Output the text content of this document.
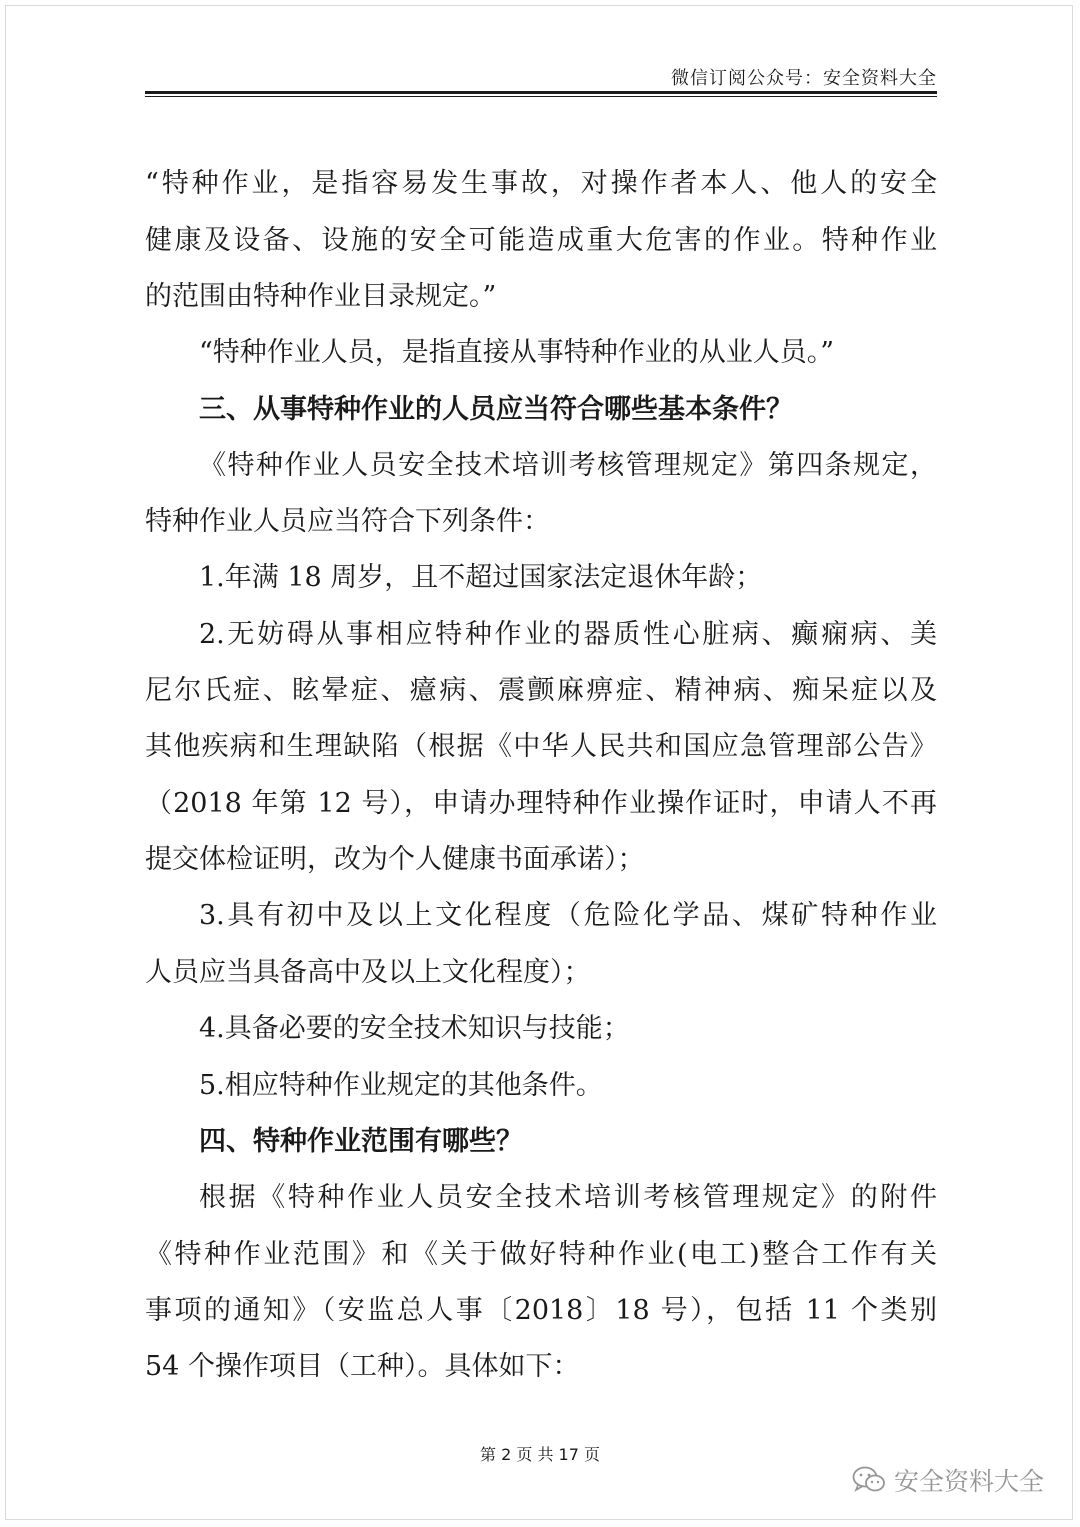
微信订阅公众号：安全资料大全
“特种作业，是指容易发生事故，对操作者本人、他人的安全
健康及设备、设施的安全可能造成重大危害的作业。特种作业
的范围由特种作业目录规定。”
“特种作业人员，是指直接从事特种作业的从业人员。”
三、从事特种作业的人员应当符合哪些基本条件？
《特种作业人员安全技术培训考核管理规定》第四条规定，
特种作业人员应当符合下列条件：
1.年满 18 周岁，且不超过国家法定退休年龄；
2.无妨碍从事相应特种作业的器质性心脏病、癫痫病、美
尼尔氏症、眩晕症、癔病、震颤麻痹症、精神病、痴呆症以及
其他疾病和生理缺陷（根据《中华人民共和国应急管理部公告》
（2018 年第 12 号），申请办理特种作业操作证时，申请人不再
提交体检证明，改为个人健康书面承诺）；
3.具有初中及以上文化程度（危险化学品、煤矿特种作业
人员应当具备高中及以上文化程度）；
4.具备必要的安全技术知识与技能；
5.相应特种作业规定的其他条件。
四、特种作业范围有哪些？
根据《特种作业人员安全技术培训考核管理规定》的附件
《特种作业范围》和《关于做好特种作业(电工)整合工作有关
事项的通知》（安监总人事〔2018〕18 号），包括 11 个类别
54 个操作项目（工种）。具体如下：
第 2 页 共 17 页
安全资料大全
